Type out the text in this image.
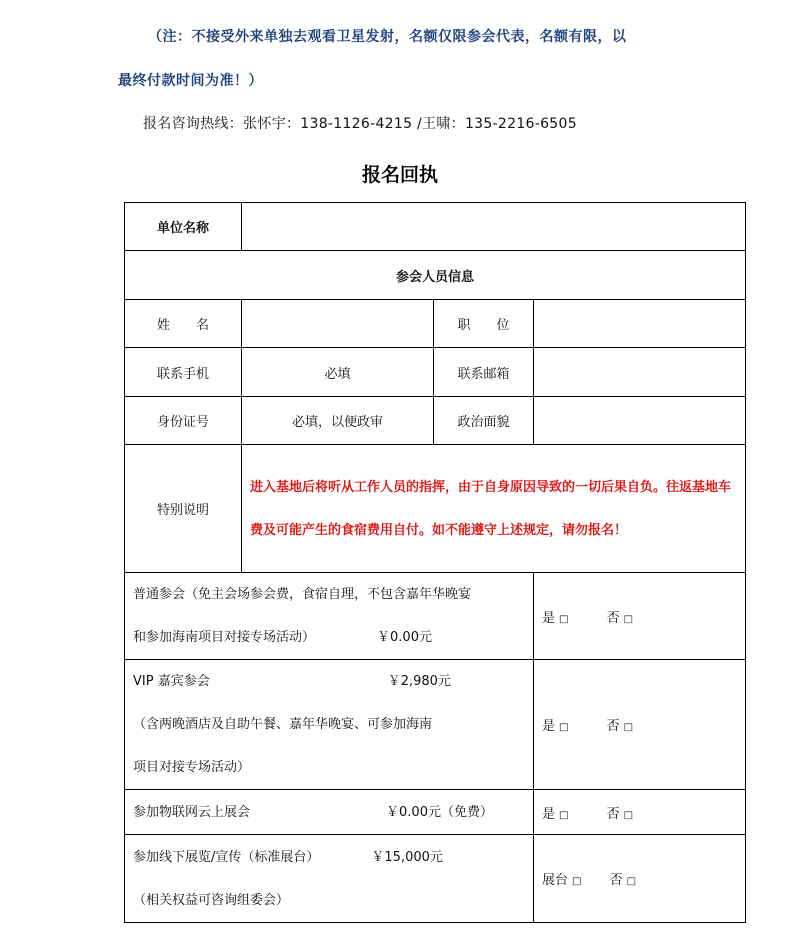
（注：不接受外来单独去观看卫星发射，名额仅限参会代表，名额有限，以
最终付款时间为准！）
报名咨询热线：张怀宇：138-1126-4215 /王啸：135-2216-6505
报名回执
单位名称			
参会人员信息			
姓　　名		职　　位	
联系手机	必填	联系邮箱	
身份证号	必填，以便政审	政治面貌	
特别说明	进入基地后将听从工作人员的指挥，由于自身原因导致的一切后果自负。往返基地车费及可能产生的食宿费用自付。如不能遵守上述规定，请勿报名！		

普通参会（免主会场参会费，食宿自理，不包含嘉年华晚宴
和参加海南项目对接专场活动） ￥0.00元			是 □ 否 □

VIP 嘉宾参会 ￥2,980元
（含两晚酒店及自助午餐、嘉年华晚宴、可参加海南
项目对接专场活动）			是 □ 否 □
参加物联网云上展会 ￥0.00元（免费）			是 □ 否 □

参加线下展览/宣传（标准展台） ￥15,000元
（相关权益可咨询组委会）			展台 □ 否 □
